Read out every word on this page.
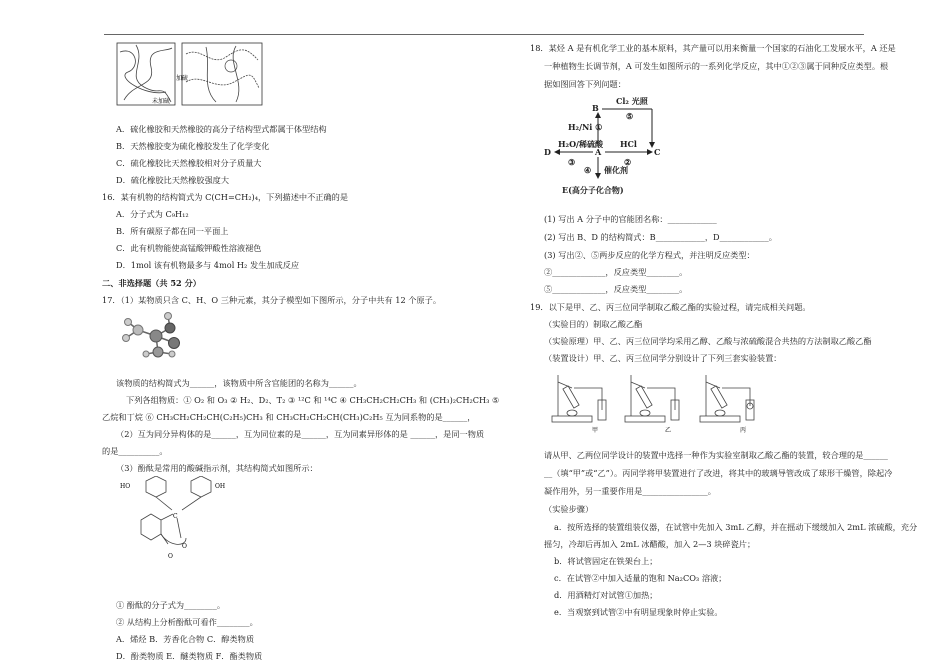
加硫
未加硫
A．硫化橡胶和天然橡胶的高分子结构型式都属于体型结构
B．天然橡胶变为硫化橡胶发生了化学变化
C．硫化橡胶比天然橡胶相对分子质量大
D．硫化橡胶比天然橡胶强度大
16．某有机物的结构简式为 C(CH=CH₂)₄，下列描述中不正确的是
A．分子式为 C₉H₁₂
B．所有碳原子都在同一平面上
C．此有机物能使高锰酸钾酸性溶液褪色
D．1mol 该有机物最多与 4mol H₂ 发生加成反应
二、非选择题（共 52 分）
17．（1）某物质只含 C、H、O 三种元素，其分子模型如下图所示，分子中共有 12 个原子。
该物质的结构简式为______，该物质中所含官能团的名称为______。
下列各组物质：① O₂ 和 O₃ ② H₂、D₂、T₂ ③ ¹²C 和 ¹⁴C ④ CH₃CH₂CH₂CH₃ 和 (CH₃)₂CH₂CH₃ ⑤
乙烷和丁烷 ⑥ CH₃CH₂CH₂CH(C₂H₅)CH₃ 和 CH₃CH₂CH₂CH(CH₃)C₂H₅ 互为同系物的是______，
（2）互为同分异构体的是______，互为同位素的是______，互为同素异形体的是 ______，是同一物质
的是__________。
（3）酚酞是常用的酸碱指示剂，其结构简式如图所示：
HO	OH
C
O
O
① 酚酞的分子式为________。
② 从结构上分析酚酞可看作________。
A．烯烃 B．芳香化合物 C．醇类物质
D．酚类物质 E．醚类物质 F．酯类物质
18．某烃 A 是有机化学工业的基本原料，其产量可以用来衡量一个国家的石油化工发展水平，A 还是
一种植物生长调节剂，A 可发生如图所示的一系列化学反应，其中①②③属于同种反应类型。根
据如图回答下列问题：
B
A	C
D
E(高分子化合物)
Cl₂ 光照
⑤
H₂/Ni ①
H₂O/稀硫酸
③
HCl
②
④ 催化剂
(1) 写出 A 分子中的官能团名称：____________
(2) 写出 B、D 的结构简式：B____________，D____________。
(3) 写出②、⑤两步反应的化学方程式，并注明反应类型：
②_____________，反应类型________。
⑤_____________，反应类型________。
19．以下是甲、乙、丙三位同学制取乙酸乙酯的实验过程，请完成相关问题。
（实验目的）制取乙酸乙酯
（实验原理）甲、乙、丙三位同学均采用乙醇、乙酸与浓硫酸混合共热的方法制取乙酸乙酯
（装置设计）甲、乙、丙三位同学分别设计了下列三套实验装置：
甲	乙	丙
请从甲、乙两位同学设计的装置中选择一种作为实验室制取乙酸乙酯的装置，较合理的是______
__（填“甲”或“乙”）。丙同学将甲装置进行了改进，将其中的玻璃导管改成了球形干燥管，除起冷
凝作用外，另一重要作用是________________。
（实验步骤）
a．按所选择的装置组装仪器，在试管中先加入 3mL 乙醇，并在摇动下缓缓加入 2mL 浓硫酸，充分
摇匀，冷却后再加入 2mL 冰醋酸，加入 2—3 块碎瓷片；
b．将试管固定在铁架台上；
c．在试管②中加入适量的饱和 Na₂CO₃ 溶液；
d．用酒精灯对试管①加热；
e．当观察到试管②中有明显现象时停止实验。
